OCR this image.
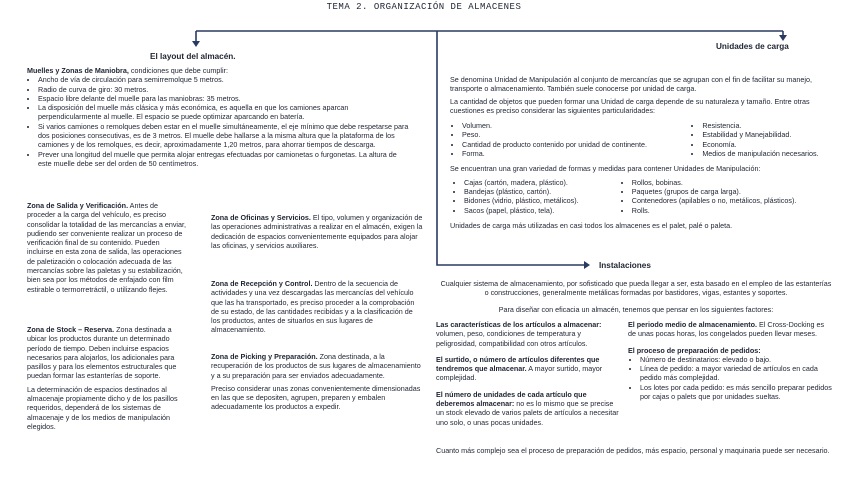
TEMA 2. ORGANIZACIÓN DE ALMACENES
El layout del almacén.

Muelles y Zonas de Maniobra, condiciones que debe cumplir:

• Ancho de vía de circulación para semirremolque 5 metros.
• Radio de curva de giro: 30 metros.
• Espacio libre delante del muelle para las maniobras: 35 metros.
• La disposición del muelle más clásica y más económica, es aquella en que los camiones aparcan perpendicularmente al muelle. El espacio se puede optimizar aparcando en batería.
• Si varios camiones o remolques deben estar en el muelle simultáneamente, el eje mínimo que debe respetarse para dos posiciones consecutivas, es de 3 metros. El muelle debe hallarse a la misma altura que la plataforma de los camiones y de los remolques, es decir, aproximadamente 1,20 metros, para ahorrar tiempos de descarga.
• Prever una longitud del muelle que permita alojar entregas efectuadas por camionetas o furgonetas. La altura de este muelle debe ser del orden de 50 centímetros.

Zona de Salida y Verificación. Antes de proceder a la carga del vehículo, es preciso consolidar la totalidad de las mercancías a enviar, pudiendo ser conveniente realizar un proceso de verificación final de su contenido. Pueden incluirse en esta zona de salida, las operaciones de paletización o colocación adecuada de las mercancías sobre las paletas y su estabilización, bien sea por los métodos de enfajado con film estirable o termorretráctil, o utilizando flejes.

Zona de Stock – Reserva. Zona destinada a ubicar los productos durante un determinado período de tiempo. Deben incluirse espacios necesarios para alojarlos, los adicionales para pasillos y para los elementos estructurales que puedan formar las estanterías de soporte.

La determinación de espacios destinados al almacenaje propiamente dicho y de los pasillos requeridos, dependerá de los sistemas de almacenaje y de los medios de manipulación elegidos.

Zona de Oficinas y Servicios. El tipo, volumen y organización de las operaciones administrativas a realizar en el almacén, exigen la dedicación de espacios convenientemente equipados para alojar las oficinas, y servicios auxiliares.

Zona de Recepción y Control. Dentro de la secuencia de actividades y una vez descargadas las mercancías del vehículo que las ha transportado, es preciso proceder a la comprobación de su estado, de las cantidades recibidas y a la clasificación de los productos, antes de situarlos en sus lugares de almacenamiento.

Zona de Picking y Preparación. Zona destinada, a la recuperación de los productos de sus lugares de almacenamiento y a su preparación para ser enviados adecuadamente.

Preciso considerar unas zonas convenientemente dimensionadas en las que se depositen, agrupen, preparen y embalen adecuadamente los productos a expedir.

Unidades de carga

Se denomina Unidad de Manipulación al conjunto de mercancías que se agrupan con el fin de facilitar su manejo, transporte o almacenamiento. También suele conocerse por unidad de carga.

La cantidad de objetos que pueden formar una Unidad de carga depende de su naturaleza y tamaño. Entre otras cuestiones es preciso considerar las siguientes particularidades:

• Volumen.
• Peso.
• Cantidad de producto contenido por unidad de continente.
• Forma.
• Resistencia.
• Estabilidad y Manejabilidad.
• Economía.
• Medios de manipulación necesarios.

Se encuentran una gran variedad de formas y medidas para contener Unidades de Manipulación:

• Cajas (cartón, madera, plástico).
• Bandejas (plástico, cartón).
• Bidones (vidrio, plástico, metálicos).
• Sacos (papel, plástico, tela).
• Rollos, bobinas.
• Paquetes (grupos de carga larga).
• Contenedores (apilables o no, metálicos, plásticos).
• Rolls.

Unidades de carga más utilizadas en casi todos los almacenes es el palet, palé o paleta.

Instalaciones
Cualquier sistema de almacenamiento, por sofisticado que pueda llegar a ser, esta basado en el empleo de las estanterías o construcciones, generalmente metálicas formadas por bastidores, vigas, estantes y soportes.
Para diseñar con eficacia un almacén, tenemos que pensar en los siguientes factores:

Las características de los artículos a almacenar: volumen, peso, condiciones de temperatura y peligrosidad, compatibilidad con otros artículos.

El surtido, o número de artículos diferentes que tendremos que almacenar. A mayor surtido, mayor complejidad.

El número de unidades de cada artículo que deberemos almacenar: no es lo mismo que se precise un stock elevado de varios palets de artículos a necesitar uno solo, o unas pocas unidades.

El periodo medio de almacenamiento. El Cross-Docking es de unas pocas horas, los congelados pueden llevar meses.

El proceso de preparación de pedidos:

• Número de destinatarios: elevado o bajo.
• Línea de pedido: a mayor variedad de artículos en cada pedido más complejidad.
• Los lotes por cada pedido: es más sencillo preparar pedidos por cajas o palets que por unidades sueltas.
Cuanto más complejo sea el proceso de preparación de pedidos, más espacio, personal y maquinaria puede ser necesario.
